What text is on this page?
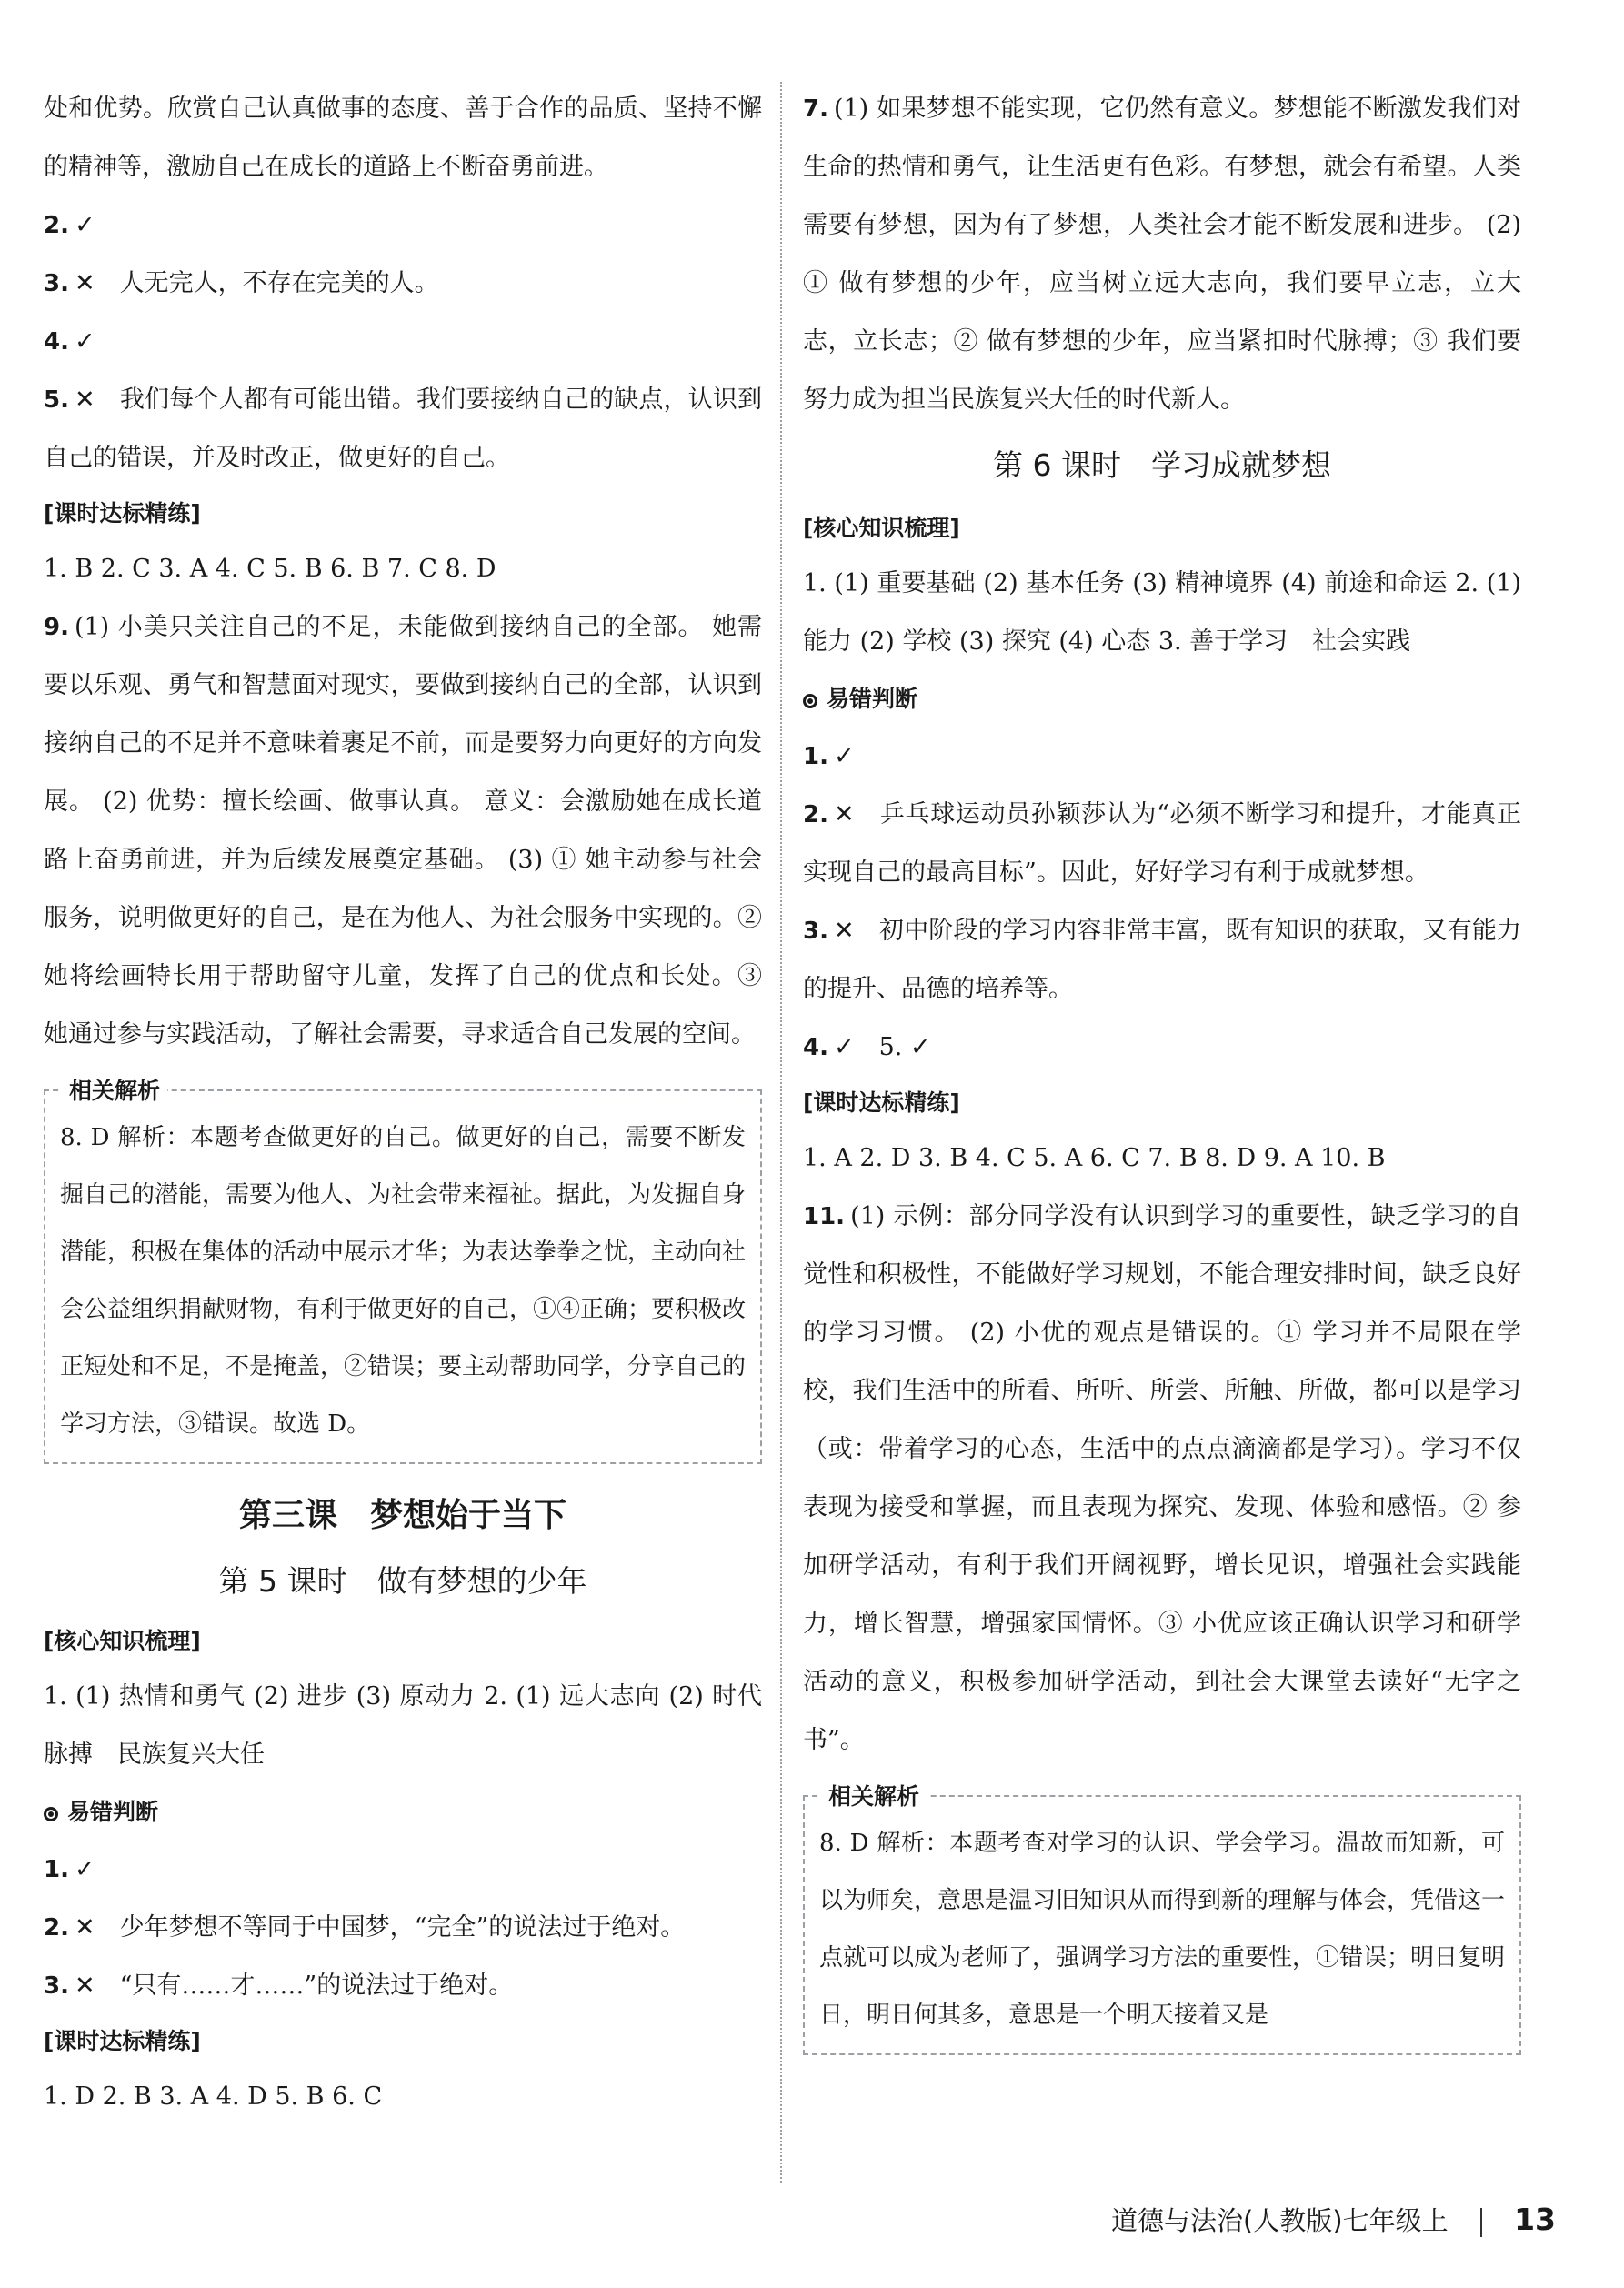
处和优势。欣赏自己认真做事的态度、善于合作的品质、坚持不懈的精神等，激励自己在成长的道路上不断奋勇前进。

2. ✓

3. ✕　 人无完人，不存在完美的人。

4. ✓

5. ✕　 我们每个人都有可能出错。我们要接纳自己的缺点，认识到自己的错误，并及时改正，做更好的自己。

[课时达标精练]

1. B 2. C 3. A 4. C 5. B 6. B 7. C 8. D

9. (1) 小美只关注自己的不足，未能做到接纳自己的全部。 她需要以乐观、勇气和智慧面对现实，要做到接纳自己的全部，认识到接纳自己的不足并不意味着裹足不前，而是要努力向更好的方向发展。 (2) 优势：擅长绘画、做事认真。 意义：会激励她在成长道路上奋勇前进，并为后续发展奠定基础。 (3) ① 她主动参与社会服务，说明做更好的自己，是在为他人、为社会服务中实现的。② 她将绘画特长用于帮助留守儿童，发挥了自己的优点和长处。③ 她通过参与实践活动，了解社会需要，寻求适合自己发展的空间。

相关解析

8. D 解析：本题考查做更好的自己。做更好的自己，需要不断发掘自己的潜能，需要为他人、为社会带来福祉。据此，为发掘自身潜能，积极在集体的活动中展示才华；为表达拳拳之忧，主动向社会公益组织捐献财物，有利于做更好的自己，①④正确；要积极改正短处和不足，不是掩盖，②错误；要主动帮助同学，分享自己的学习方法，③错误。故选 D。

第三课　梦想始于当下

第 5 课时　做有梦想的少年

[核心知识梳理]

1. (1) 热情和勇气 (2) 进步 (3) 原动力 2. (1) 远大志向 (2) 时代脉搏　民族复兴大任

易错判断

1. ✓

2. ✕　 少年梦想不等同于中国梦，“完全”的说法过于绝对。

3. ✕　 “只有……才……”的说法过于绝对。

[课时达标精练]

1. D 2. B 3. A 4. D 5. B 6. C

7. (1) 如果梦想不能实现，它仍然有意义。梦想能不断激发我们对生命的热情和勇气，让生活更有色彩。有梦想，就会有希望。人类需要有梦想，因为有了梦想，人类社会才能不断发展和进步。 (2) ① 做有梦想的少年，应当树立远大志向，我们要早立志，立大志，立长志；② 做有梦想的少年，应当紧扣时代脉搏；③ 我们要努力成为担当民族复兴大任的时代新人。

第 6 课时　学习成就梦想

[核心知识梳理]

1. (1) 重要基础 (2) 基本任务 (3) 精神境界 (4) 前途和命运 2. (1) 能力 (2) 学校 (3) 探究 (4) 心态 3. 善于学习　社会实践

易错判断

1. ✓

2. ✕　 乒乓球运动员孙颖莎认为“必须不断学习和提升，才能真正实现自己的最高目标”。因此，好好学习有利于成就梦想。

3. ✕　 初中阶段的学习内容非常丰富，既有知识的获取，又有能力的提升、品德的培养等。

4. ✓　 5. ✓

[课时达标精练]

1. A 2. D 3. B 4. C 5. A 6. C 7. B 8. D 9. A 10. B

11. (1) 示例：部分同学没有认识到学习的重要性，缺乏学习的自觉性和积极性，不能做好学习规划，不能合理安排时间，缺乏良好的学习习惯。 (2) 小优的观点是错误的。① 学习并不局限在学校，我们生活中的所看、所听、所尝、所触、所做，都可以是学习（或：带着学习的心态，生活中的点点滴滴都是学习）。学习不仅表现为接受和掌握，而且表现为探究、发现、体验和感悟。② 参加研学活动，有利于我们开阔视野，增长见识，增强社会实践能力，增长智慧，增强家国情怀。③ 小优应该正确认识学习和研学活动的意义，积极参加研学活动，到社会大课堂去读好“无字之书”。

相关解析

8. D 解析：本题考查对学习的认识、学会学习。温故而知新，可以为师矣，意思是温习旧知识从而得到新的理解与体会，凭借这一点就可以成为老师了，强调学习方法的重要性，①错误；明日复明日，明日何其多，意思是一个明天接着又是

道德与法治(人教版)七年级上 13
